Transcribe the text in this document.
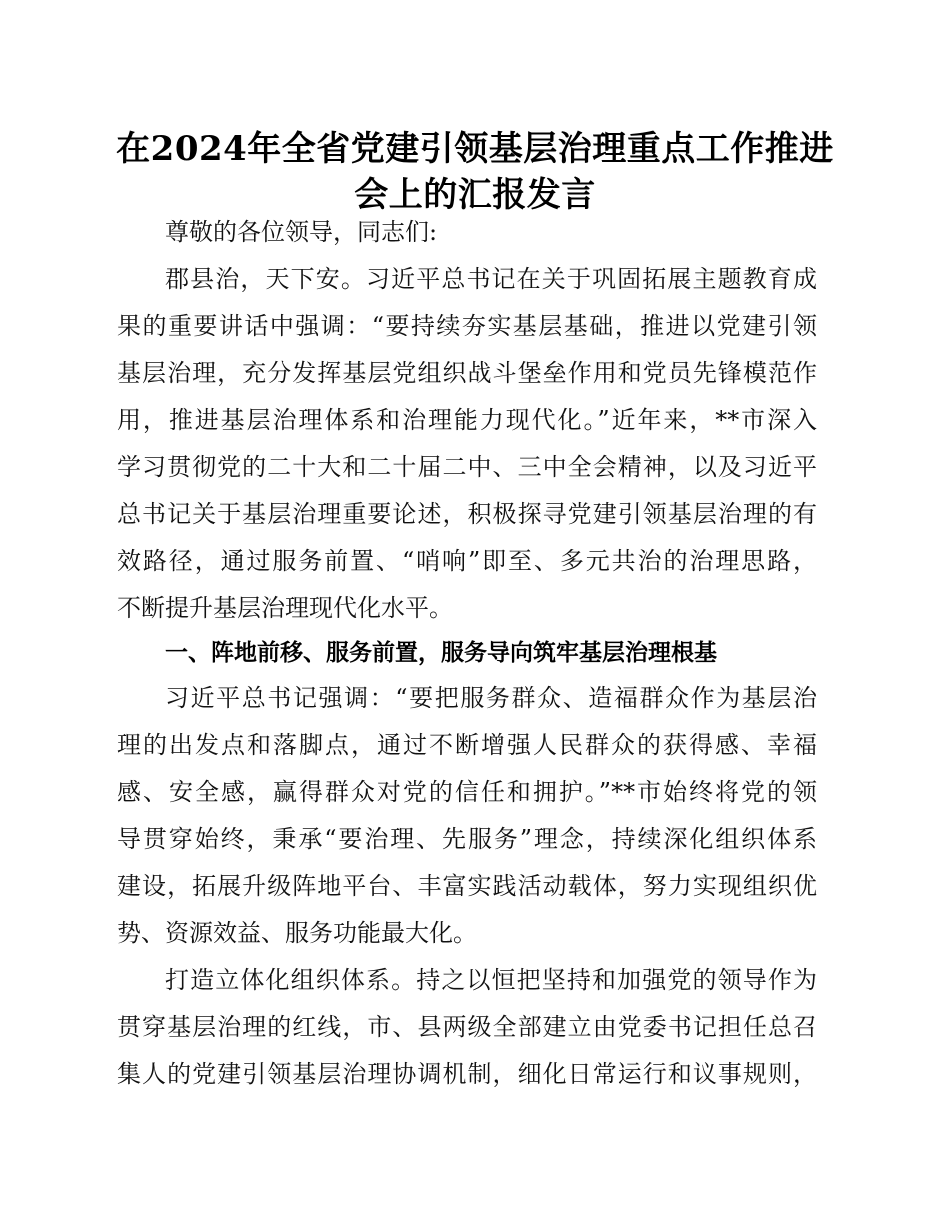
在2024年全省党建引领基层治理重点工作推进
会上的汇报发言
尊敬的各位领导，同志们:
郡县治，天下安。习近平总书记在关于巩固拓展主题教育成
果的重要讲话中强调：“要持续夯实基层基础，推进以党建引领
基层治理，充分发挥基层党组织战斗堡垒作用和党员先锋模范作
用，推进基层治理体系和治理能力现代化。”近年来，**市深入
学习贯彻党的二十大和二十届二中、三中全会精神，以及习近平
总书记关于基层治理重要论述，积极探寻党建引领基层治理的有
效路径，通过服务前置、“哨响”即至、多元共治的治理思路，
不断提升基层治理现代化水平。
一、阵地前移、服务前置，服务导向筑牢基层治理根基
习近平总书记强调：“要把服务群众、造福群众作为基层治
理的出发点和落脚点，通过不断增强人民群众的获得感、幸福
感、安全感，赢得群众对党的信任和拥护。”**市始终将党的领
导贯穿始终，秉承“要治理、先服务”理念，持续深化组织体系
建设，拓展升级阵地平台、丰富实践活动载体，努力实现组织优
势、资源效益、服务功能最大化。
打造立体化组织体系。持之以恒把坚持和加强党的领导作为
贯穿基层治理的红线，市、县两级全部建立由党委书记担任总召
集人的党建引领基层治理协调机制，细化日常运行和议事规则，
